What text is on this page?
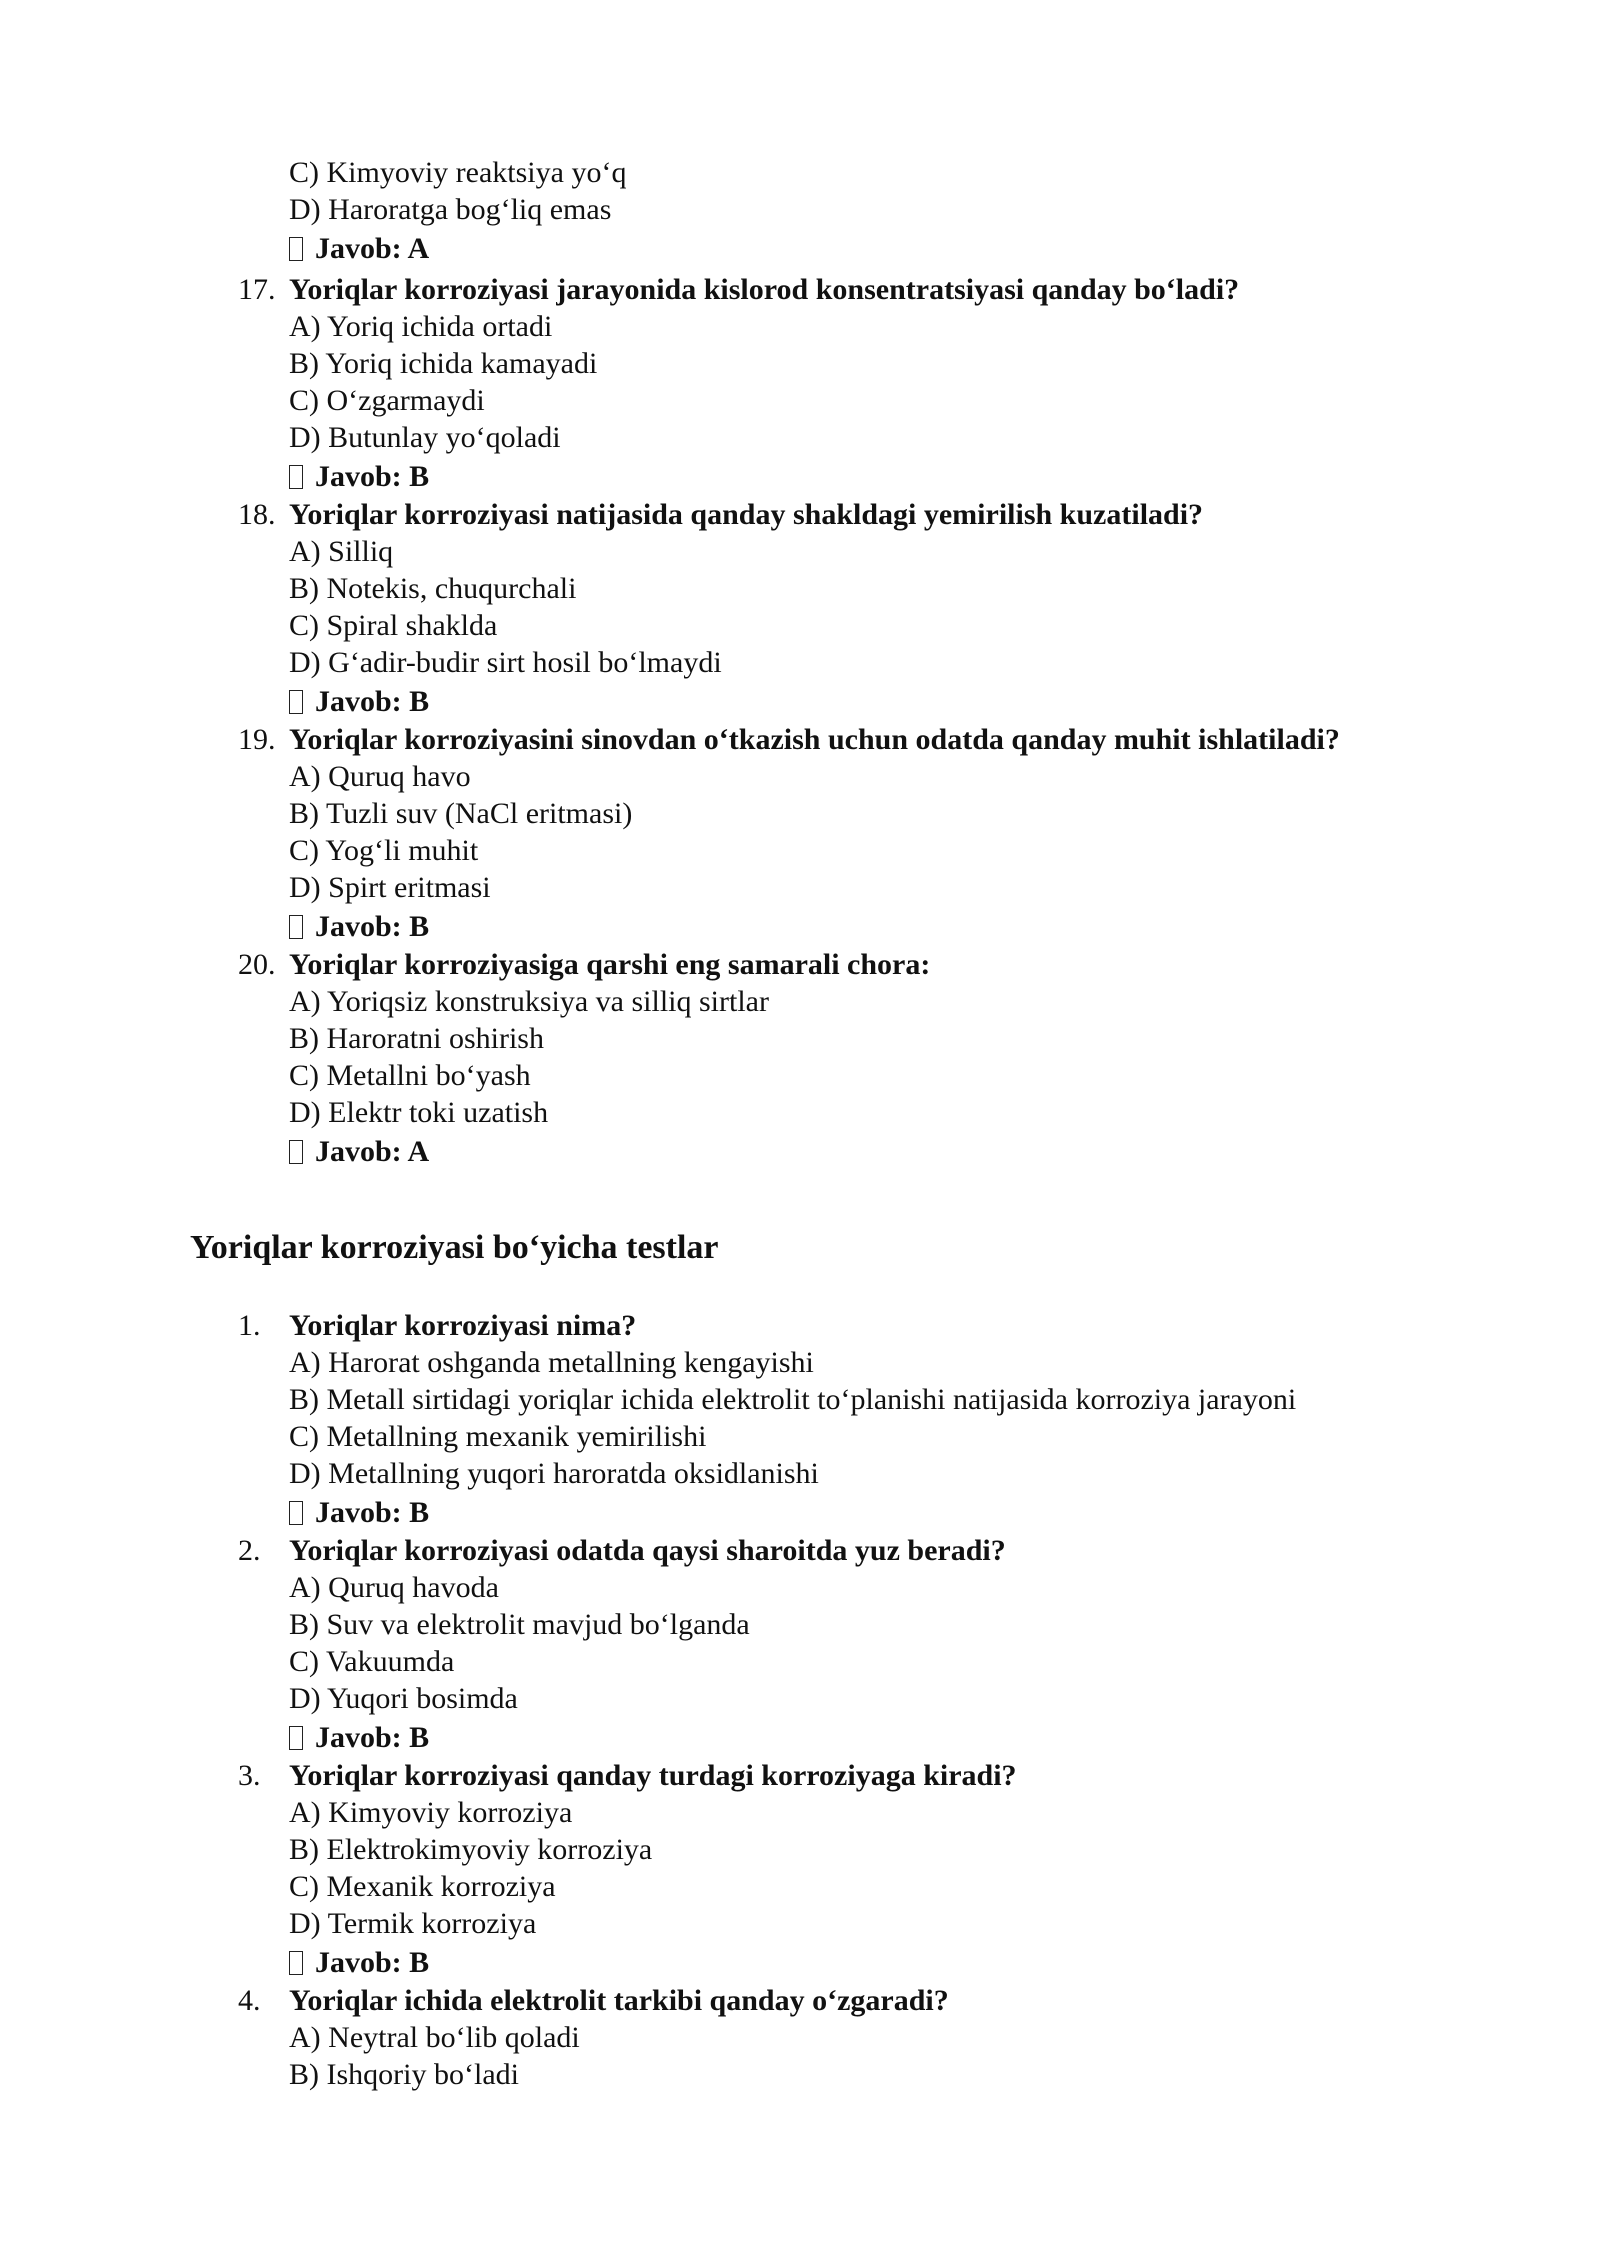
C) Kimyoviy reaktsiya yo‘q
D) Haroratga bog‘liq emas
Javob: A
17. Yoriqlar korroziyasi jarayonida kislorod konsentratsiyasi qanday bo‘ladi?
A) Yoriq ichida ortadi
B) Yoriq ichida kamayadi
C) O‘zgarmaydi
D) Butunlay yo‘qoladi
Javob: B
18. Yoriqlar korroziyasi natijasida qanday shakldagi yemirilish kuzatiladi?
A) Silliq
B) Notekis, chuqurchali
C) Spiral shaklda
D) G‘adir-budir sirt hosil bo‘lmaydi
Javob: B
19. Yoriqlar korroziyasini sinovdan o‘tkazish uchun odatda qanday muhit ishlatiladi?
A) Quruq havo
B) Tuzli suv (NaCl eritmasi)
C) Yog‘li muhit
D) Spirt eritmasi
Javob: B
20. Yoriqlar korroziyasiga qarshi eng samarali chora:
A) Yoriqsiz konstruksiya va silliq sirtlar
B) Haroratni oshirish
C) Metallni bo‘yash
D) Elektr toki uzatish
Javob: A
Yoriqlar korroziyasi bo‘yicha testlar
1. Yoriqlar korroziyasi nima?
A) Harorat oshganda metallning kengayishi
B) Metall sirtidagi yoriqlar ichida elektrolit to‘planishi natijasida korroziya jarayoni
C) Metallning mexanik yemirilishi
D) Metallning yuqori haroratda oksidlanishi
Javob: B
2. Yoriqlar korroziyasi odatda qaysi sharoitda yuz beradi?
A) Quruq havoda
B) Suv va elektrolit mavjud bo‘lganda
C) Vakuumda
D) Yuqori bosimda
Javob: B
3. Yoriqlar korroziyasi qanday turdagi korroziyaga kiradi?
A) Kimyoviy korroziya
B) Elektrokimyoviy korroziya
C) Mexanik korroziya
D) Termik korroziya
Javob: B
4. Yoriqlar ichida elektrolit tarkibi qanday o‘zgaradi?
A) Neytral bo‘lib qoladi
B) Ishqoriy bo‘ladi
